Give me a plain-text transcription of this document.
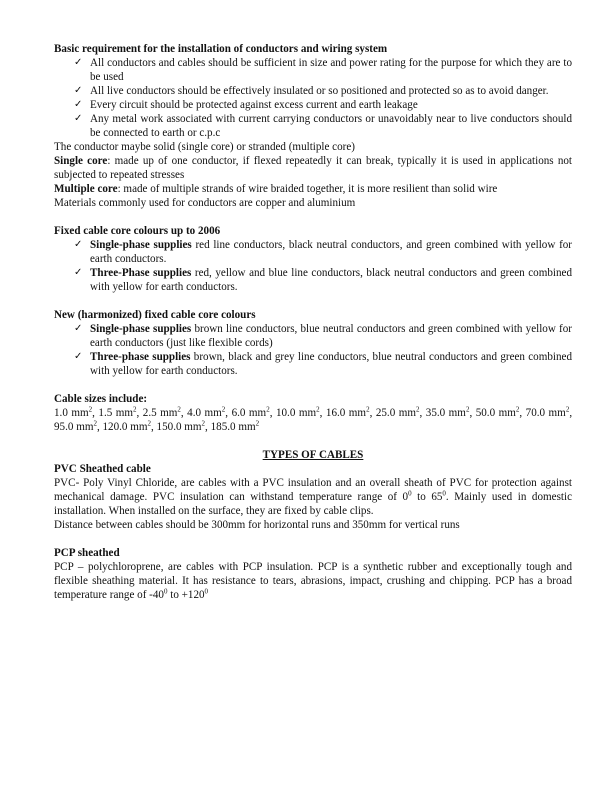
Basic requirement for the installation of conductors and wiring system

✓ All conductors and cables should be sufficient in size and power rating for the purpose for which they are to be used
✓ All live conductors should be effectively insulated or so positioned and protected so as to avoid danger.
✓ Every circuit should be protected against excess current and earth leakage
✓ Any metal work associated with current carrying conductors or unavoidably near to live conductors should be connected to earth or c.p.c

The conductor maybe solid (single core) or stranded (multiple core)

Single core: made up of one conductor, if flexed repeatedly it can break, typically it is used in applications not subjected to repeated stresses

Multiple core: made of multiple strands of wire braided together, it is more resilient than solid wire

Materials commonly used for conductors are copper and aluminium

Fixed cable core colours up to 2006

✓ Single-phase supplies red line conductors, black neutral conductors, and green combined with yellow for earth conductors.
✓ Three-Phase supplies red, yellow and blue line conductors, black neutral conductors and green combined with yellow for earth conductors.

New (harmonized) fixed cable core colours

✓ Single-phase supplies brown line conductors, blue neutral conductors and green combined with yellow for earth conductors (just like flexible cords)
✓ Three-phase supplies brown, black and grey line conductors, blue neutral conductors and green combined with yellow for earth conductors.

Cable sizes include:

1.0 $mm^2$, 1.5 $mm^2$, 2.5 $mm^2$, 4.0 $mm^2$, 6.0 $mm^2$, 10.0 $mm^2$, 16.0 $mm^2$, 25.0 $mm^2$, 35.0 $mm^2$, 50.0 $mm^2$, 70.0 $mm^2$, 95.0 $mm^2$, 120.0 $mm^2$, 150.0 $mm^2$, 185.0 $mm^2$

TYPES OF CABLES

PVC Sheathed cable

PVC- Poly Vinyl Chloride, are cables with a PVC insulation and an overall sheath of PVC for protection against mechanical damage. PVC insulation can withstand temperature range of $0^0$ to $65^0$. Mainly used in domestic installation. When installed on the surface, they are fixed by cable clips.

Distance between cables should be 300mm for horizontal runs and 350mm for vertical runs

PCP sheathed

PCP – polychloroprene, are cables with PCP insulation. PCP is a synthetic rubber and exceptionally tough and flexible sheathing material. It has resistance to tears, abrasions, impact, crushing and chipping. PCP has a broad temperature range of $-40^0$ to $+120^0$
